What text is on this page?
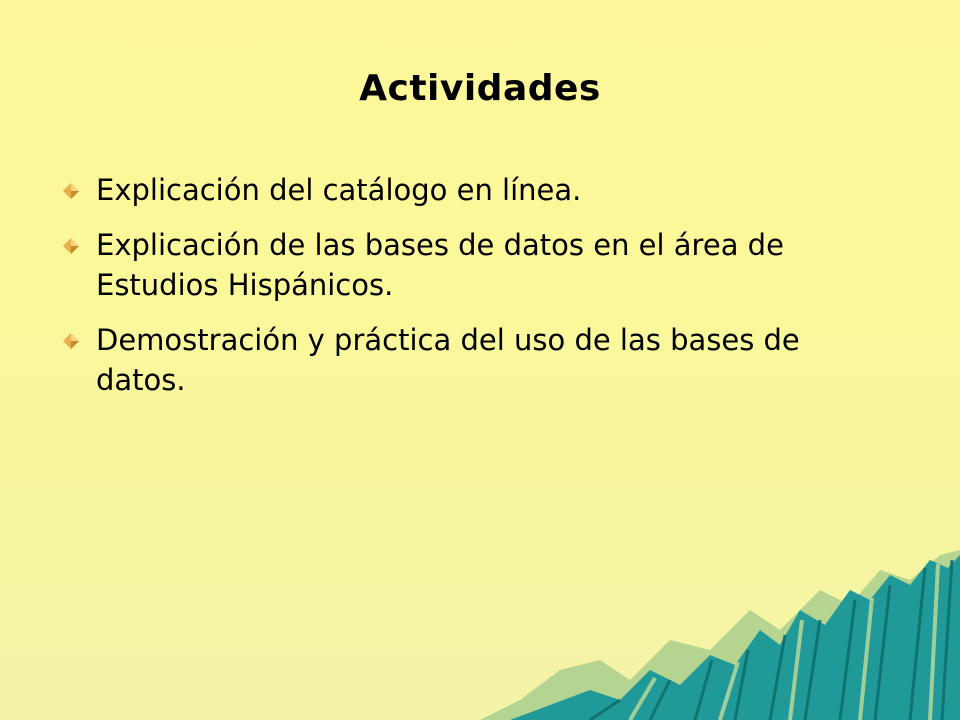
Actividades
Explicación del catálogo en línea.
Explicación de las bases de datos en el área de Estudios Hispánicos.
Demostración y práctica del uso de las bases de datos.
